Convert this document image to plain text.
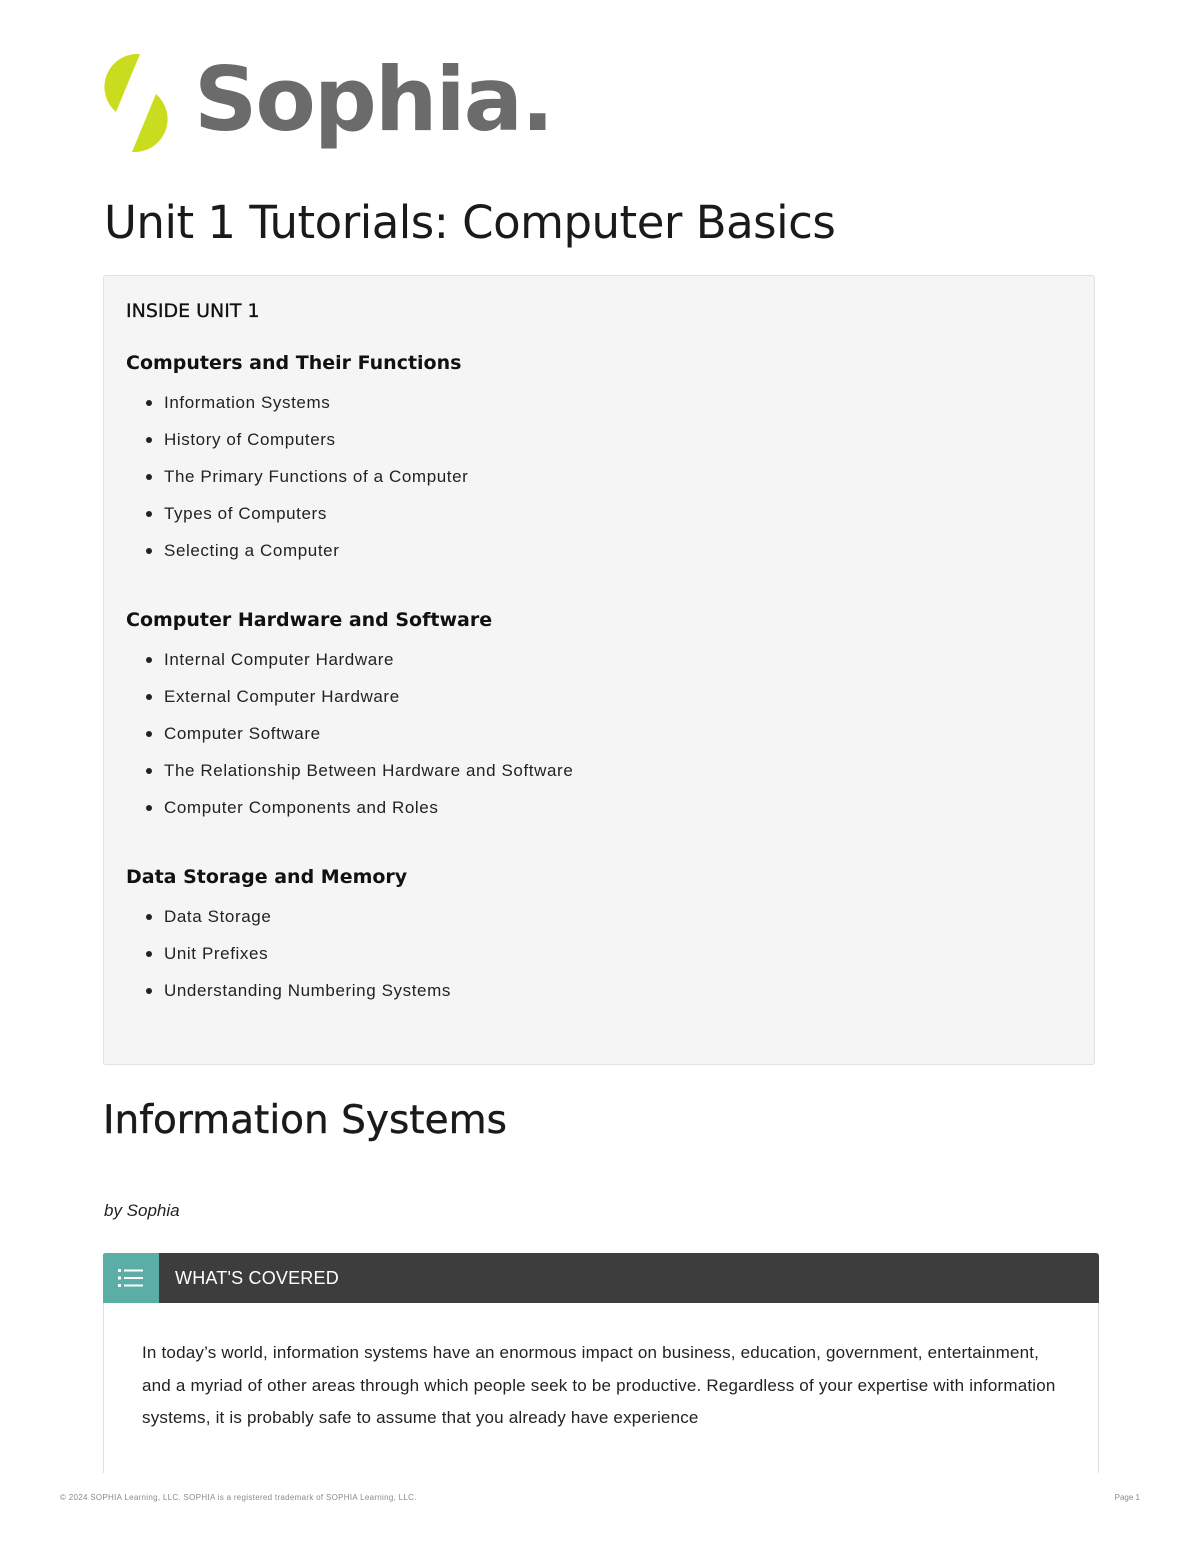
Sophia.
Unit 1 Tutorials: Computer Basics
INSIDE UNIT 1
Computers and Their Functions
Information Systems
History of Computers
The Primary Functions of a Computer
Types of Computers
Selecting a Computer
Computer Hardware and Software
Internal Computer Hardware
External Computer Hardware
Computer Software
The Relationship Between Hardware and Software
Computer Components and Roles
Data Storage and Memory
Data Storage
Unit Prefixes
Understanding Numbering Systems
Information Systems

by Sophia

WHAT'S COVERED

In today’s world, information systems have an enormous impact on business, education, government, entertainment, and a myriad of other areas through which people seek to be productive. Regardless of your expertise with information systems, it is probably safe to assume that you already have experience

© 2024 SOPHIA Learning, LLC. SOPHIA is a registered trademark of SOPHIA Learning, LLC.	Page 1
